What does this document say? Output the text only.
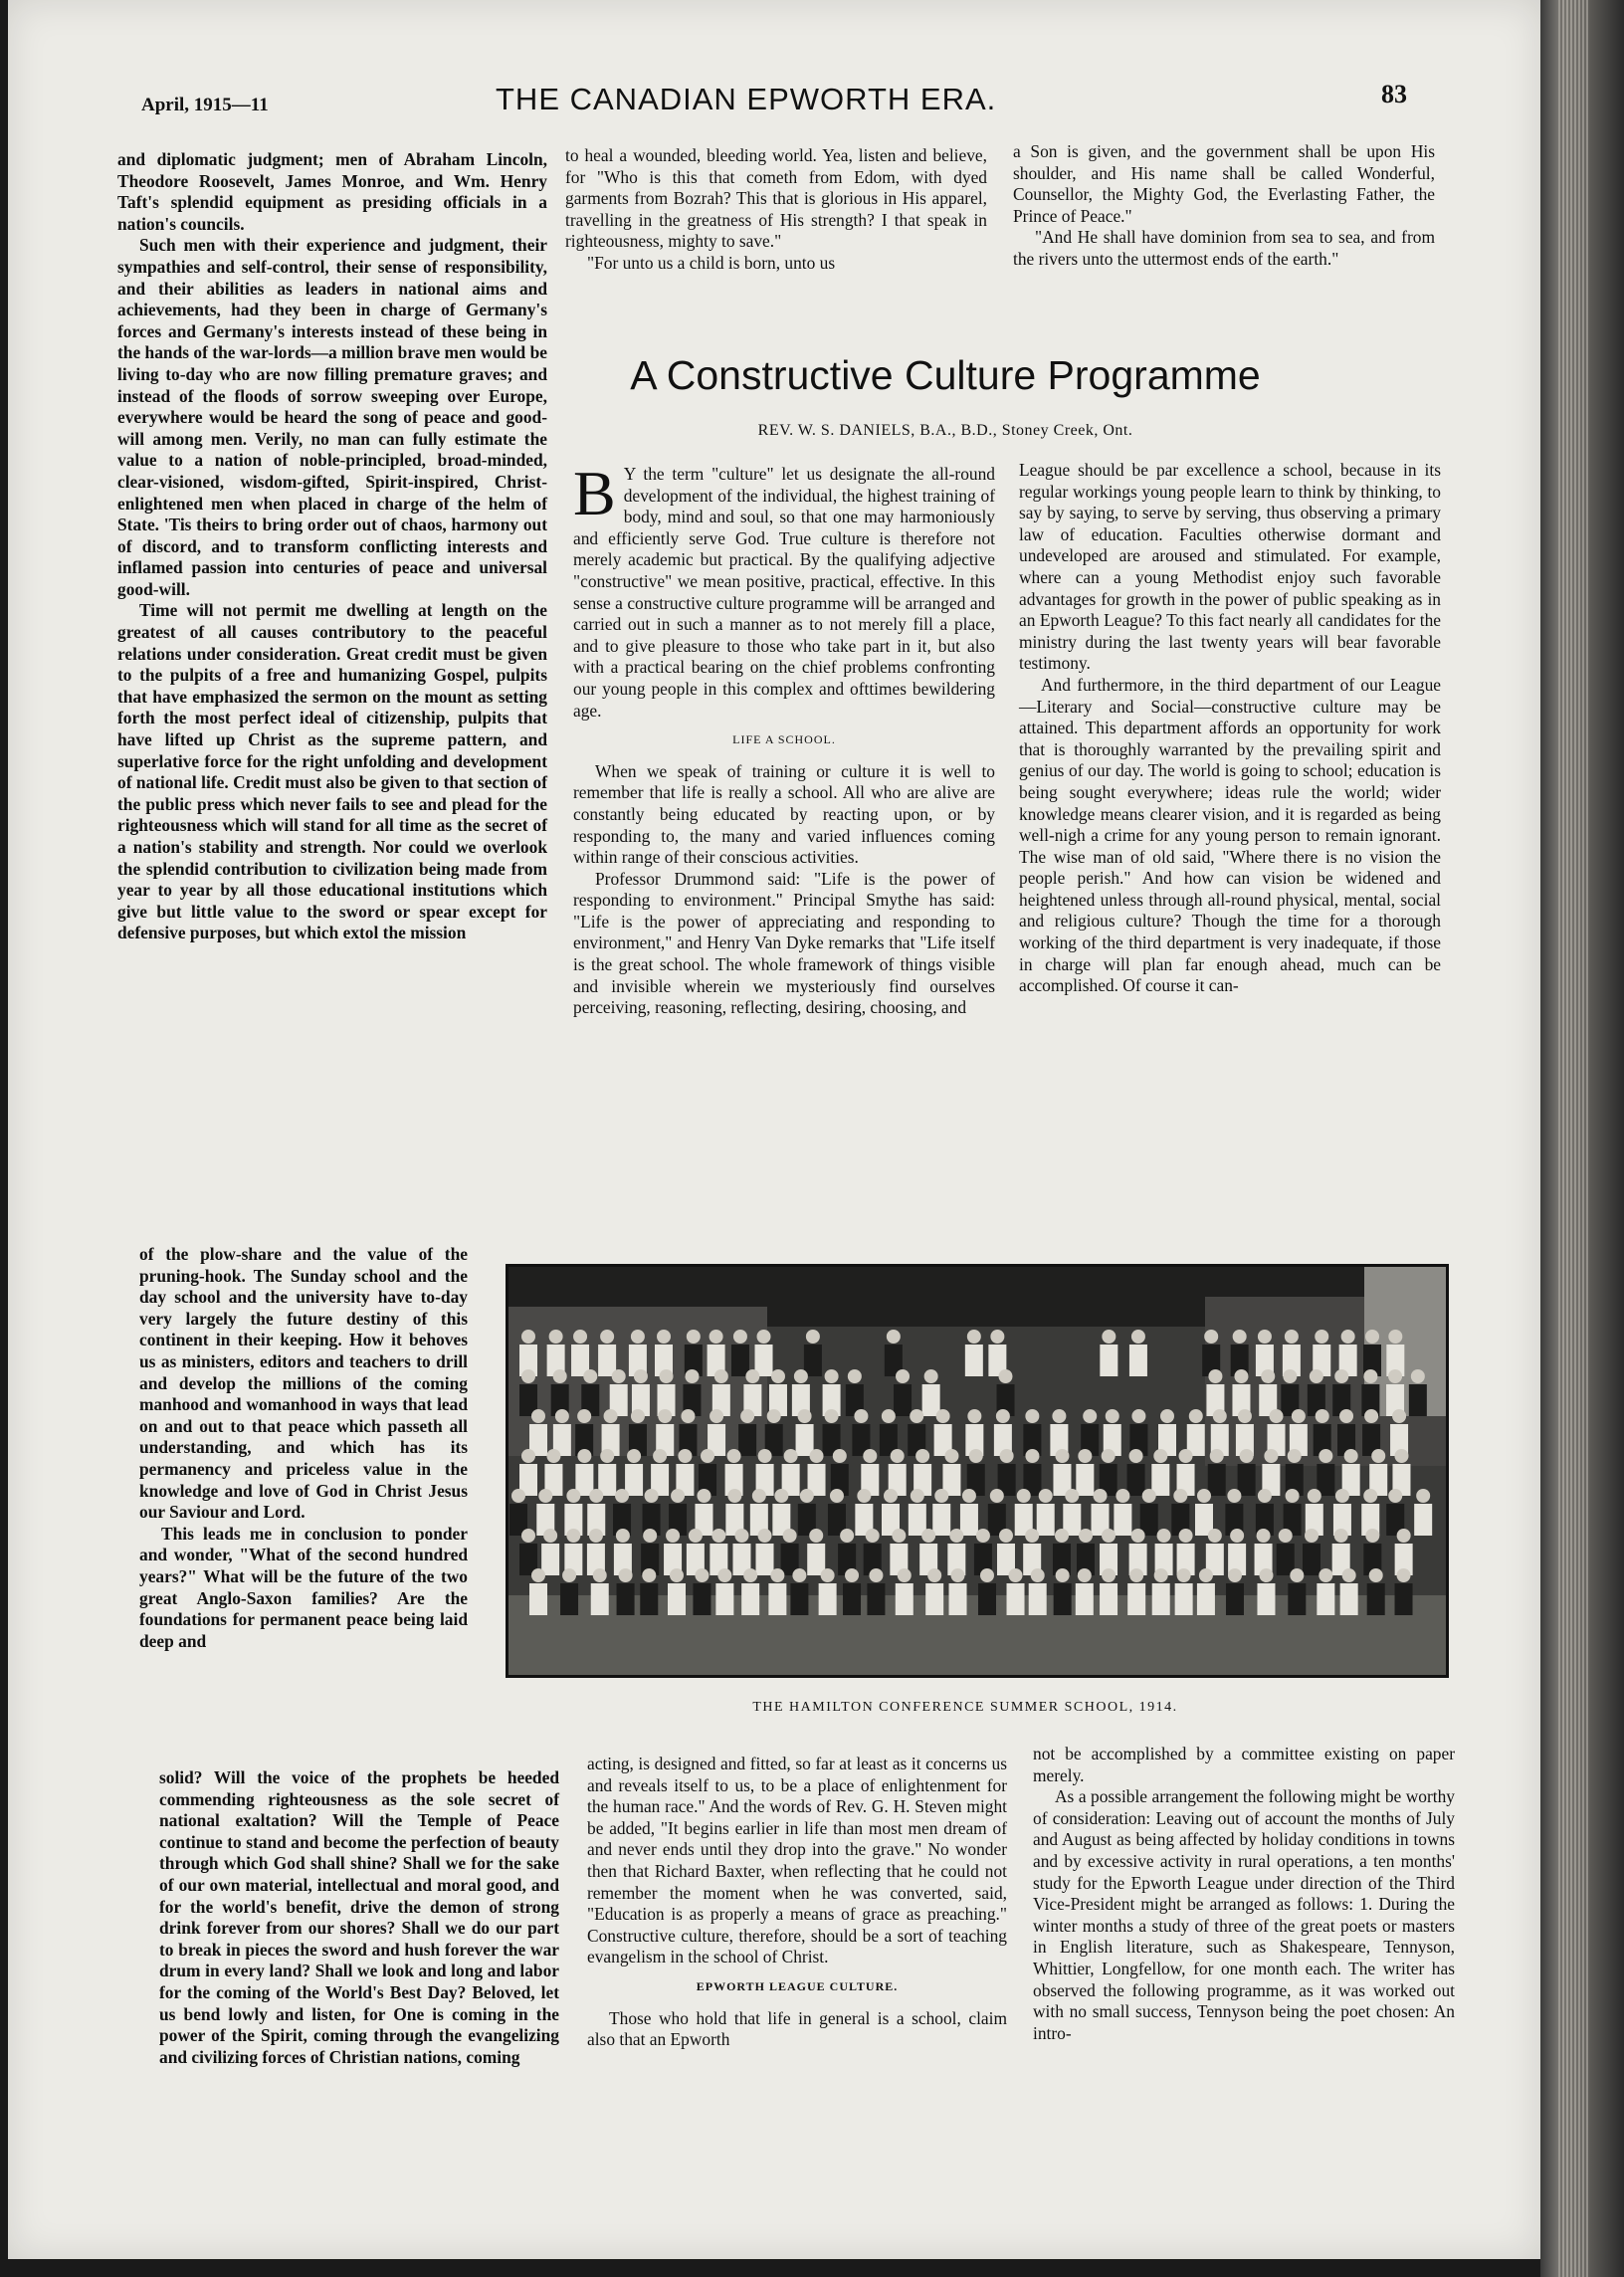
April, 1915—11	THE CANADIAN EPWORTH ERA.	83

and diplomatic judgment; men of Abraham Lincoln, Theodore Roosevelt, James Monroe, and Wm. Henry Taft's splendid equipment as presiding officials in a nation's councils.

Such men with their experience and judgment, their sympathies and self-control, their sense of responsibility, and their abilities as leaders in national aims and achievements, had they been in charge of Germany's forces and Germany's interests instead of these being in the hands of the war-lords—a million brave men would be living to-day who are now filling premature graves; and instead of the floods of sorrow sweeping over Europe, everywhere would be heard the song of peace and good-will among men. Verily, no man can fully estimate the value to a nation of noble-principled, broad-minded, clear-visioned, wisdom-gifted, Spirit-inspired, Christ-enlightened men when placed in charge of the helm of State. 'Tis theirs to bring order out of chaos, harmony out of discord, and to transform conflicting interests and inflamed passion into centuries of peace and universal good-will.

Time will not permit me dwelling at length on the greatest of all causes contributory to the peaceful relations under consideration. Great credit must be given to the pulpits of a free and humanizing Gospel, pulpits that have emphasized the sermon on the mount as setting forth the most perfect ideal of citizenship, pulpits that have lifted up Christ as the supreme pattern, and superlative force for the right unfolding and development of national life. Credit must also be given to that section of the public press which never fails to see and plead for the righteousness which will stand for all time as the secret of a nation's stability and strength. Nor could we overlook the splendid contribution to civilization being made from year to year by all those educational institutions which give but little value to the sword or spear except for defensive purposes, but which extol the mission

of the plow-share and the value of the pruning-hook. The Sunday school and the day school and the university have to-day very largely the future destiny of this continent in their keeping. How it behoves us as ministers, editors and teachers to drill and develop the millions of the coming manhood and womanhood in ways that lead on and out to that peace which passeth all understanding, and which has its permanency and priceless value in the knowledge and love of God in Christ Jesus our Saviour and Lord.

This leads me in conclusion to ponder and wonder, "What of the second hundred years?" What will be the future of the two great Anglo-Saxon families? Are the foundations for permanent peace being laid deep and

solid? Will the voice of the prophets be heeded commending righteousness as the sole secret of national exaltation? Will the Temple of Peace continue to stand and become the perfection of beauty through which God shall shine? Shall we for the sake of our own material, intellectual and moral good, and for the world's benefit, drive the demon of strong drink forever from our shores? Shall we do our part to break in pieces the sword and hush forever the war drum in every land? Shall we look and long and labor for the coming of the World's Best Day? Beloved, let us bend lowly and listen, for One is coming in the power of the Spirit, coming through the evangelizing and civilizing forces of Christian nations, coming

to heal a wounded, bleeding world. Yea, listen and believe, for "Who is this that cometh from Edom, with dyed garments from Bozrah? This that is glorious in His apparel, travelling in the greatness of His strength? I that speak in righteousness, mighty to save."

"For unto us a child is born, unto us

a Son is given, and the government shall be upon His shoulder, and His name shall be called Wonderful, Counsellor, the Mighty God, the Everlasting Father, the Prince of Peace."

"And He shall have dominion from sea to sea, and from the rivers unto the uttermost ends of the earth."

A Constructive Culture Programme
REV. W. S. DANIELS, B.A., B.D., Stoney Creek, Ont.

B Y the term "culture" let us designate the all-round development of the individual, the highest training of body, mind and soul, so that one may harmoniously and efficiently serve God. True culture is therefore not merely academic but practical. By the qualifying adjective "constructive" we mean positive, practical, effective. In this sense a constructive culture programme will be arranged and carried out in such a manner as to not merely fill a place, and to give pleasure to those who take part in it, but also with a practical bearing on the chief problems confronting our young people in this complex and ofttimes bewildering age.

LIFE A SCHOOL.

When we speak of training or culture it is well to remember that life is really a school. All who are alive are constantly being educated by reacting upon, or by responding to, the many and varied influences coming within range of their conscious activities.

Professor Drummond said: "Life is the power of responding to environment." Principal Smythe has said: "Life is the power of appreciating and responding to environment," and Henry Van Dyke remarks that "Life itself is the great school. The whole framework of things visible and invisible wherein we mysteriously find ourselves perceiving, reasoning, reflecting, desiring, choosing, and

League should be par excellence a school, because in its regular workings young people learn to think by thinking, to say by saying, to serve by serving, thus observing a primary law of education. Faculties otherwise dormant and undeveloped are aroused and stimulated. For example, where can a young Methodist enjoy such favorable advantages for growth in the power of public speaking as in an Epworth League? To this fact nearly all candidates for the ministry during the last twenty years will bear favorable testimony.

And furthermore, in the third department of our League—Literary and Social—constructive culture may be attained. This department affords an opportunity for work that is thoroughly warranted by the prevailing spirit and genius of our day. The world is going to school; education is being sought everywhere; ideas rule the world; wider knowledge means clearer vision, and it is regarded as being well-nigh a crime for any young person to remain ignorant. The wise man of old said, "Where there is no vision the people perish." And how can vision be widened and heightened unless through all-round physical, mental, social and religious culture? Though the time for a thorough working of the third department is very inadequate, if those in charge will plan far enough ahead, much can be accomplished. Of course it can-

THE HAMILTON CONFERENCE SUMMER SCHOOL, 1914.

acting, is designed and fitted, so far at least as it concerns us and reveals itself to us, to be a place of enlightenment for the human race." And the words of Rev. G. H. Steven might be added, "It begins earlier in life than most men dream of and never ends until they drop into the grave." No wonder then that Richard Baxter, when reflecting that he could not remember the moment when he was converted, said, "Education is as properly a means of grace as preaching." Constructive culture, therefore, should be a sort of teaching evangelism in the school of Christ.

EPWORTH LEAGUE CULTURE.

Those who hold that life in general is a school, claim also that an Epworth

not be accomplished by a committee existing on paper merely.

As a possible arrangement the following might be worthy of consideration: Leaving out of account the months of July and August as being affected by holiday conditions in towns and by excessive activity in rural operations, a ten months' study for the Epworth League under direction of the Third Vice-President might be arranged as follows: 1. During the winter months a study of three of the great poets or masters in English literature, such as Shakespeare, Tennyson, Whittier, Longfellow, for one month each. The writer has observed the following programme, as it was worked out with no small success, Tennyson being the poet chosen: An intro-
